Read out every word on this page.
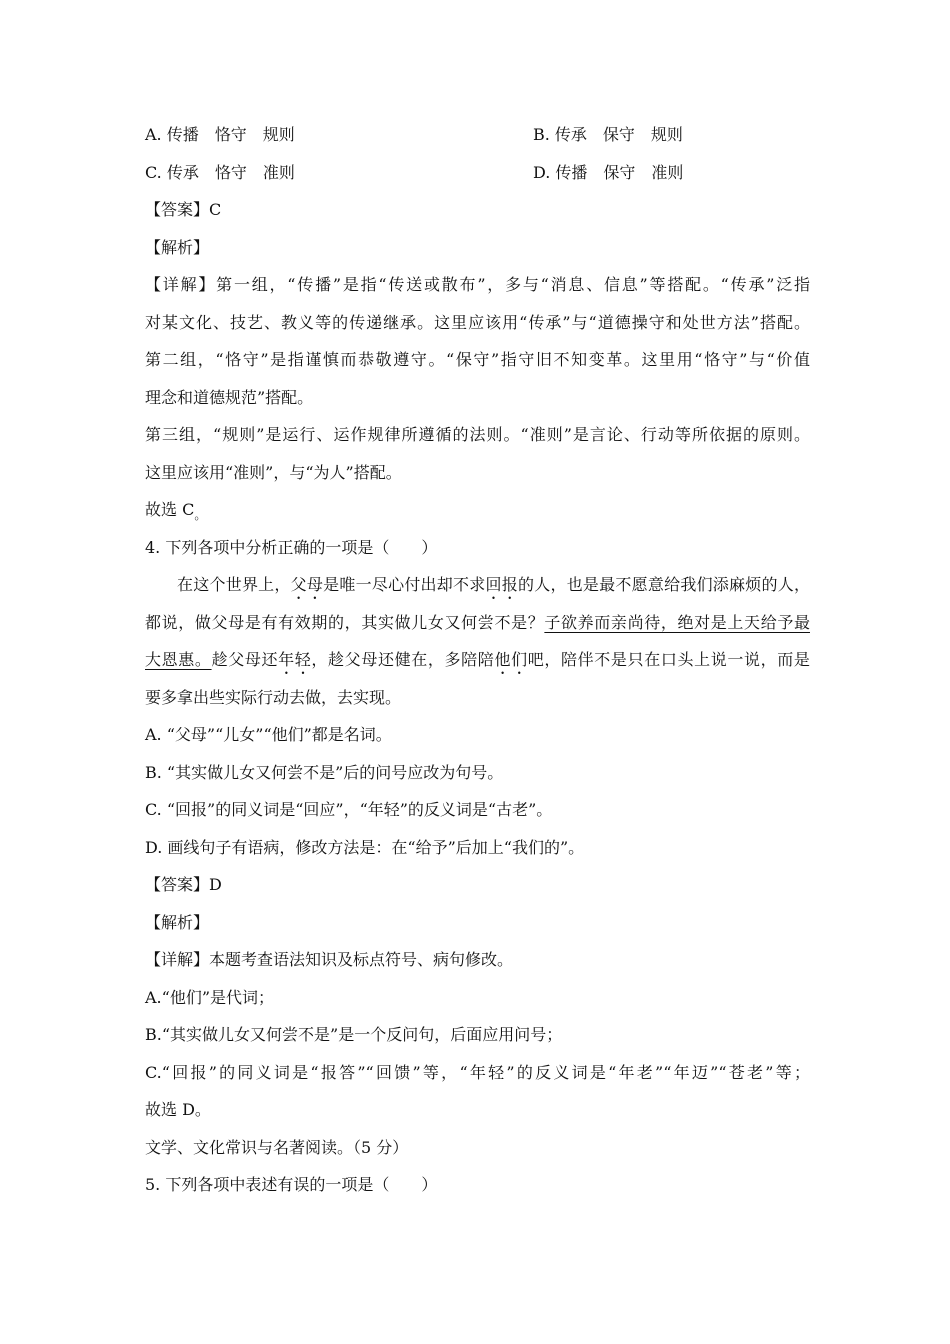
A. 传播　恪守　规则	B. 传承　保守　规则
C. 传承　恪守　准则	D. 传播　保守　准则
【答案】C
【解析】
【详解】第一组，“传播”是指“传送或散布”，多与“消息、信息”等搭配。“传承”泛指
对某文化、技艺、教义等的传递继承。这里应该用“传承”与“道德操守和处世方法”搭配。
第二组，“恪守”是指谨慎而恭敬遵守。“保守”指守旧不知变革。这里用“恪守”与“价值
理念和道德规范”搭配。
第三组，“规则”是运行、运作规律所遵循的法则。“准则”是言论、行动等所依据的原则。
这里应该用“准则”，与“为人”搭配。
故选 $C_。$
4. 下列各项中分析正确的一项是（　　）
在这个世界上，父母是唯一尽心付出却不求回报的人，也是最不愿意给我们添麻烦的人，
都说，做父母是有有效期的，其实做儿女又何尝不是？子欲养而亲尚待，绝对是上天给予最
大恩惠。趁父母还年轻，趁父母还健在，多陪陪他们吧，陪伴不是只在口头上说一说，而是
要多拿出些实际行动去做，去实现。
A. “父母”“儿女”“他们”都是名词。
B. “其实做儿女又何尝不是”后的问号应改为句号。
C. “回报”的同义词是“回应”，“年轻”的反义词是“古老”。
D. 画线句子有语病，修改方法是：在“给予”后加上“我们的”。
【答案】D
【解析】
【详解】本题考查语法知识及标点符号、病句修改。
A.“他们”是代词；
B.“其实做儿女又何尝不是”是一个反问句，后面应用问号；
C.“回报”的同义词是“报答”“回馈”等，“年轻”的反义词是“年老”“年迈”“苍老”等；
故选 D。
文学、文化常识与名著阅读。（5 分）
5. 下列各项中表述有误的一项是（　　）
